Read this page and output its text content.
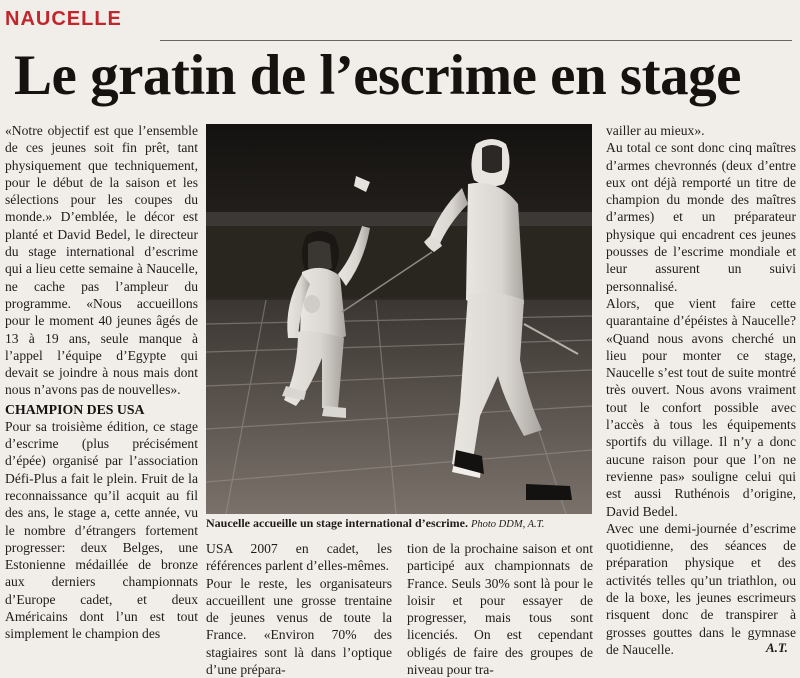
NAUCELLE
Le gratin de l’escrime en stage

«Notre objectif est que l’ensemble de ces jeunes soit fin prêt, tant physiquement que techniquement, pour le début de la saison et les sélections pour les coupes du monde.» D’emblée, le décor est planté et David Bedel, le directeur du stage international d’escrime qui a lieu cette semaine à Naucelle, ne cache pas l’ampleur du programme. «Nous accueillons pour le moment 40 jeunes âgés de 13 à 19 ans, seule manque à l’appel l’équipe d’Egypte qui devait se joindre à nous mais dont nous n’avons pas de nouvelles».

CHAMPION DES USA

Pour sa troisième édition, ce stage d’escrime (plus précisément d’épée) organisé par l’association Défi-Plus a fait le plein. Fruit de la reconnaissance qu’il acquit au fil des ans, le stage a, cette année, vu le nombre d’étrangers fortement progresser: deux Belges, une Estonienne médaillée de bronze aux derniers championnats d’Europe cadet, et deux Américains dont l’un est tout simplement le champion des

Naucelle accueille un stage international d’escrime. Photo DDM, A.T.

USA 2007 en cadet, les références parlent d’elles-mêmes.

Pour le reste, les organisateurs accueillent une grosse trentaine de jeunes venus de toute la France. «Environ 70% des stagiaires sont là dans l’optique d’une prépara-

tion de la prochaine saison et ont participé aux championnats de France. Seuls 30% sont là pour le loisir et pour essayer de progresser, mais tous sont licenciés. On est cependant obligés de faire des groupes de niveau pour tra-

vailler au mieux».

Au total ce sont donc cinq maîtres d’armes chevronnés (deux d’entre eux ont déjà remporté un titre de champion du monde des maîtres d’armes) et un préparateur physique qui encadrent ces jeunes pousses de l’escrime mondiale et leur assurent un suivi personnalisé.

Alors, que vient faire cette quarantaine d’épéistes à Naucelle? «Quand nous avons cherché un lieu pour monter ce stage, Naucelle s’est tout de suite montré très ouvert. Nous avons vraiment tout le confort possible avec l’accès à tous les équipements sportifs du village. Il n’y a donc aucune raison pour que l’on ne revienne pas» souligne celui qui est aussi Ruthénois d’origine, David Bedel.

Avec une demi-journée d’escrime quotidienne, des séances de préparation physique et des activités telles qu’un triathlon, ou de la boxe, les jeunes escrimeurs risquent donc de transpirer à grosses gouttes dans le gymnase de Naucelle.	A.T.
